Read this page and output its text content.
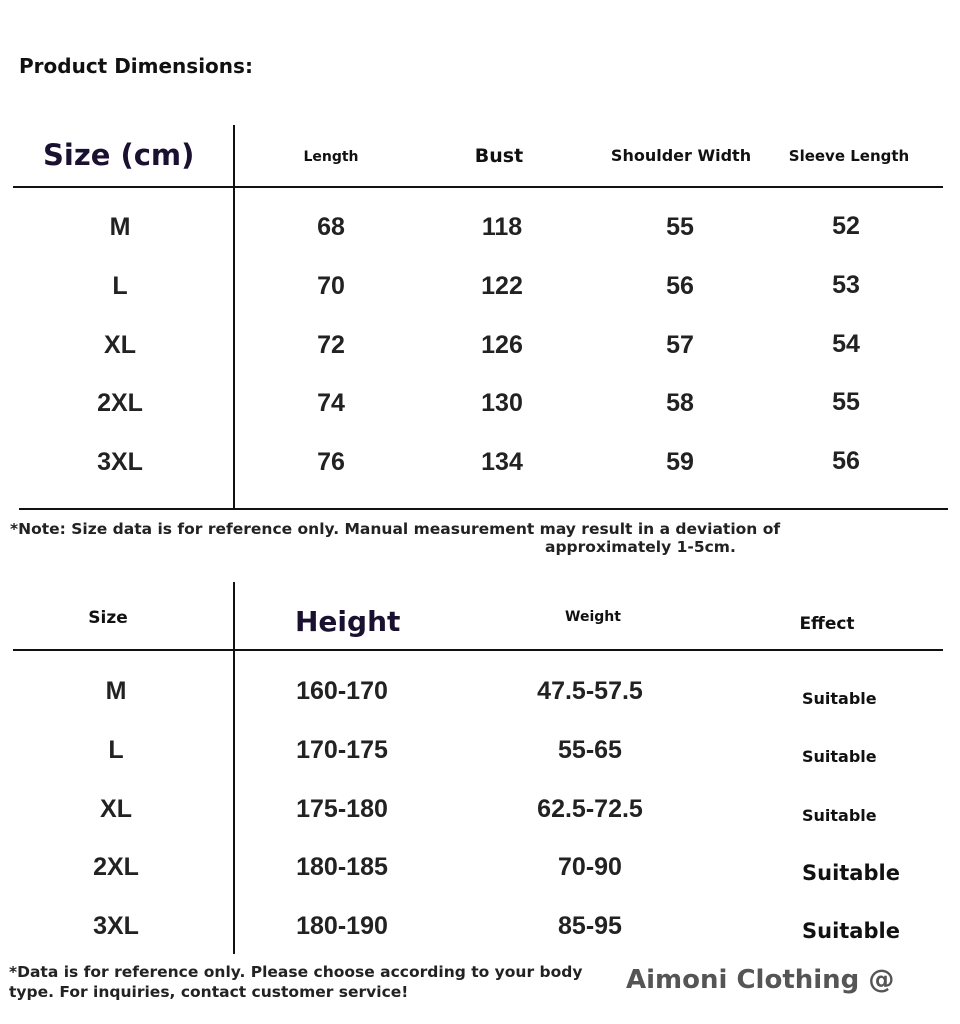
Product Dimensions:
Size (cm)	Length	Bust	Shoulder Width	Sleeve Length
M	68	118	55	52
L	70	122	56	53
XL	72	126	57	54
2XL	74	130	58	55
3XL	76	134	59	56
*Note: Size data is for reference only. Manual measurement may result in a deviation of
approximately 1-5cm.
Size	Height	Weight	Effect
M	160-170	47.5-57.5	Suitable
L	170-175	55-65	Suitable
XL	175-180	62.5-72.5	Suitable
2XL	180-185	70-90	Suitable
3XL	180-190	85-95	Suitable
*Data is for reference only. Please choose according to your body
type. For inquiries, contact customer service!	Aimoni Clothing @
